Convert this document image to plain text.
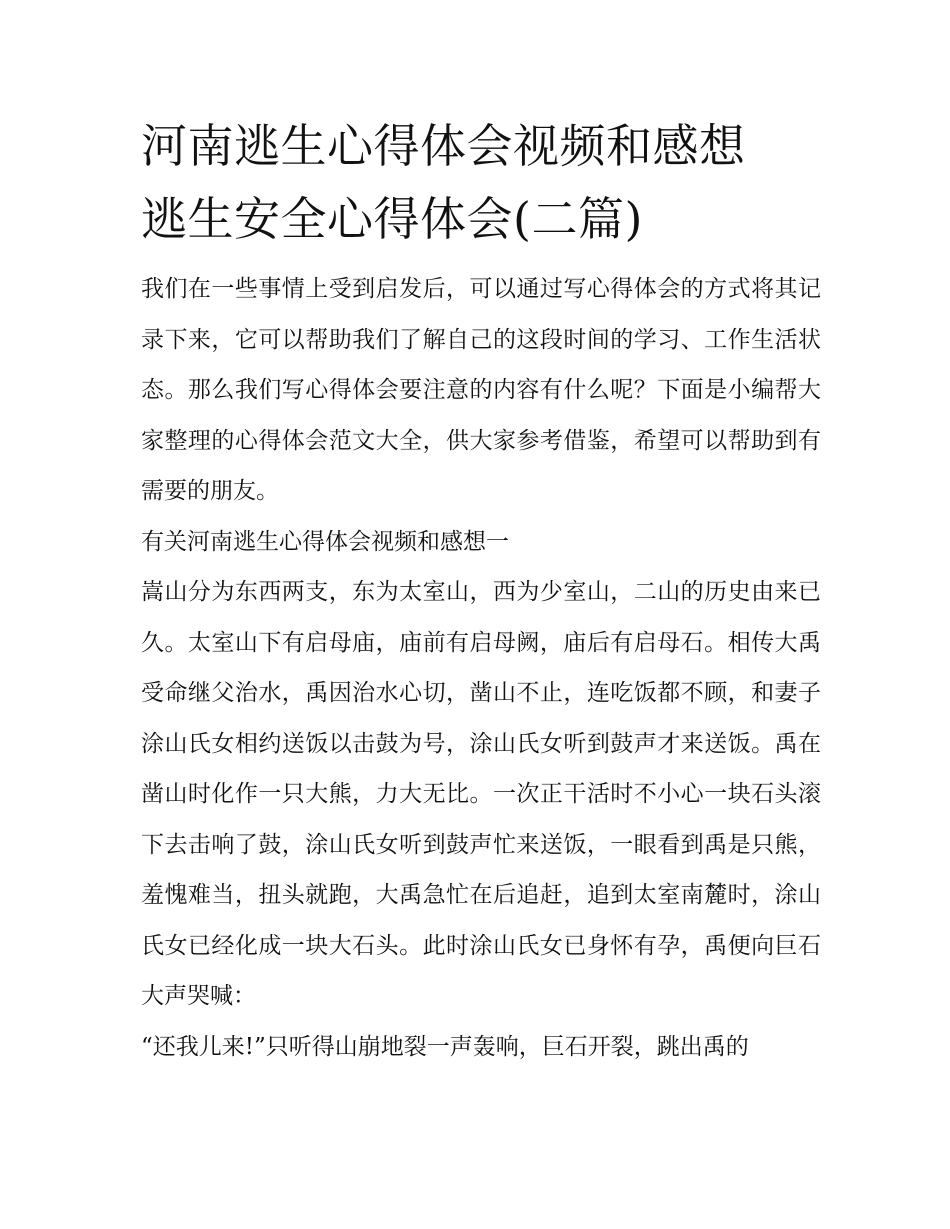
河南逃生心得体会视频和感想
逃生安全心得体会(二篇)

我们在一些事情上受到启发后，可以通过写心得体会的方式将其记录下来，它可以帮助我们了解自己的这段时间的学习、工作生活状态。那么我们写心得体会要注意的内容有什么呢？下面是小编帮大家整理的心得体会范文大全，供大家参考借鉴，希望可以帮助到有需要的朋友。

有关河南逃生心得体会视频和感想一

嵩山分为东西两支，东为太室山，西为少室山，二山的历史由来已久。太室山下有启母庙，庙前有启母阙，庙后有启母石。相传大禹受命继父治水，禹因治水心切，凿山不止，连吃饭都不顾，和妻子涂山氏女相约送饭以击鼓为号，涂山氏女听到鼓声才来送饭。禹在凿山时化作一只大熊，力大无比。一次正干活时不小心一块石头滚下去击响了鼓，涂山氏女听到鼓声忙来送饭，一眼看到禹是只熊，羞愧难当，扭头就跑，大禹急忙在后追赶，追到太室南麓时，涂山氏女已经化成一块大石头。此时涂山氏女已身怀有孕，禹便向巨石大声哭喊：

“还我儿来!”只听得山崩地裂一声轰响，巨石开裂，跳出禹的
